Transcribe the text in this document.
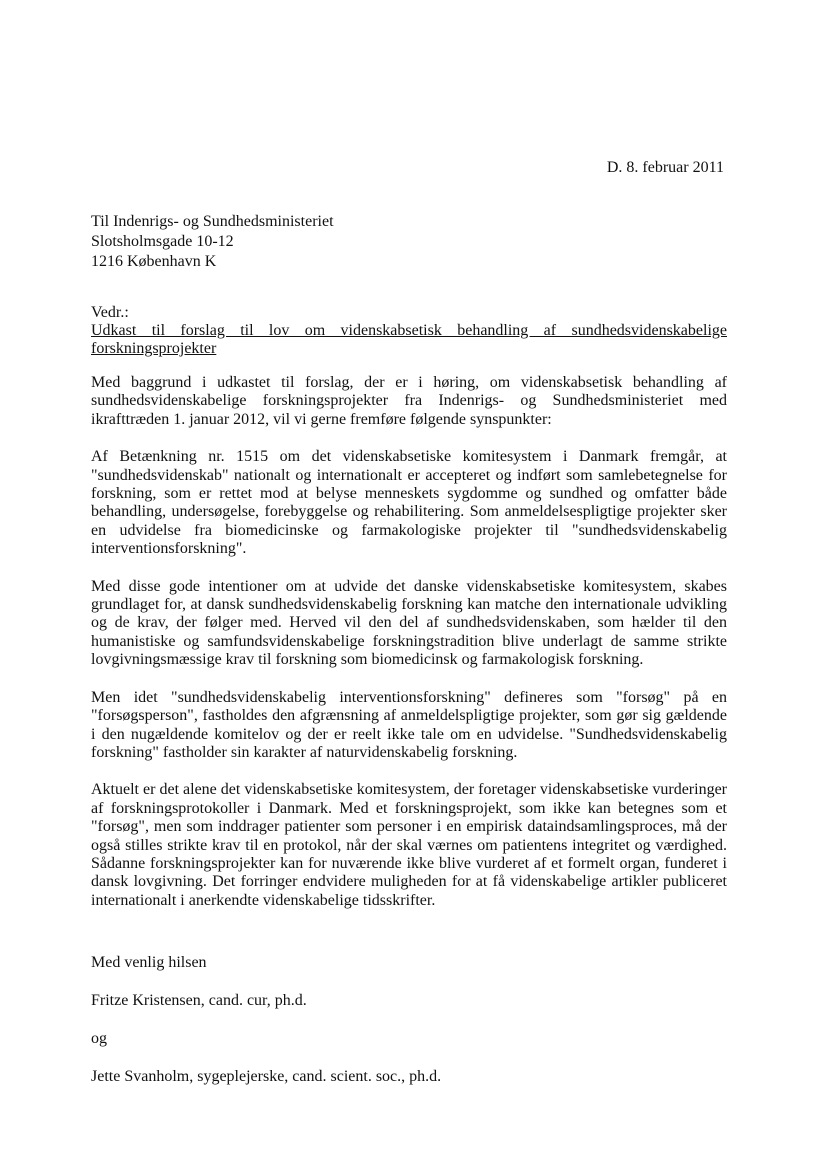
D. 8. februar 2011
Til Indenrigs- og Sundhedsministeriet
Slotsholmsgade 10-12
1216 København K
Vedr.:
Udkast til forslag til lov om videnskabsetisk behandling af sundhedsvidenskabelige forskningsprojekter

Med baggrund i udkastet til forslag, der er i høring, om videnskabsetisk behandling af sundhedsvidenskabelige forskningsprojekter fra Indenrigs- og Sundhedsministeriet med ikrafttræden 1. januar 2012, vil vi gerne fremføre følgende synspunkter:

Af Betænkning nr. 1515 om det videnskabsetiske komitesystem i Danmark fremgår, at "sundhedsvidenskab" nationalt og internationalt er accepteret og indført som samlebetegnelse for forskning, som er rettet mod at belyse menneskets sygdomme og sundhed og omfatter både behandling, undersøgelse, forebyggelse og rehabilitering. Som anmeldelsespligtige projekter sker en udvidelse fra biomedicinske og farmakologiske projekter til "sundhedsvidenskabelig interventionsforskning".

Med disse gode intentioner om at udvide det danske videnskabsetiske komitesystem, skabes grundlaget for, at dansk sundhedsvidenskabelig forskning kan matche den internationale udvikling og de krav, der følger med. Herved vil den del af sundhedsvidenskaben, som hælder til den humanistiske og samfundsvidenskabelige forskningstradition blive underlagt de samme strikte lovgivningsmæssige krav til forskning som biomedicinsk og farmakologisk forskning.

Men idet "sundhedsvidenskabelig interventionsforskning" defineres som "forsøg" på en "forsøgsperson", fastholdes den afgrænsning af anmeldelspligtige projekter, som gør sig gældende i den nugældende komitelov og der er reelt ikke tale om en udvidelse. "Sundhedsvidenskabelig forskning" fastholder sin karakter af naturvidenskabelig forskning.

Aktuelt er det alene det videnskabsetiske komitesystem, der foretager videnskabsetiske vurderinger af forskningsprotokoller i Danmark. Med et forskningsprojekt, som ikke kan betegnes som et "forsøg", men som inddrager patienter som personer i en empirisk dataindsamlingsproces, må der også stilles strikte krav til en protokol, når der skal værnes om patientens integritet og værdighed. Sådanne forskningsprojekter kan for nuværende ikke blive vurderet af et formelt organ, funderet i dansk lovgivning. Det forringer endvidere muligheden for at få videnskabelige artikler publiceret internationalt i anerkendte videnskabelige tidsskrifter.

Med venlig hilsen
Fritze Kristensen, cand. cur, ph.d.
og
Jette Svanholm, sygeplejerske, cand. scient. soc., ph.d.
